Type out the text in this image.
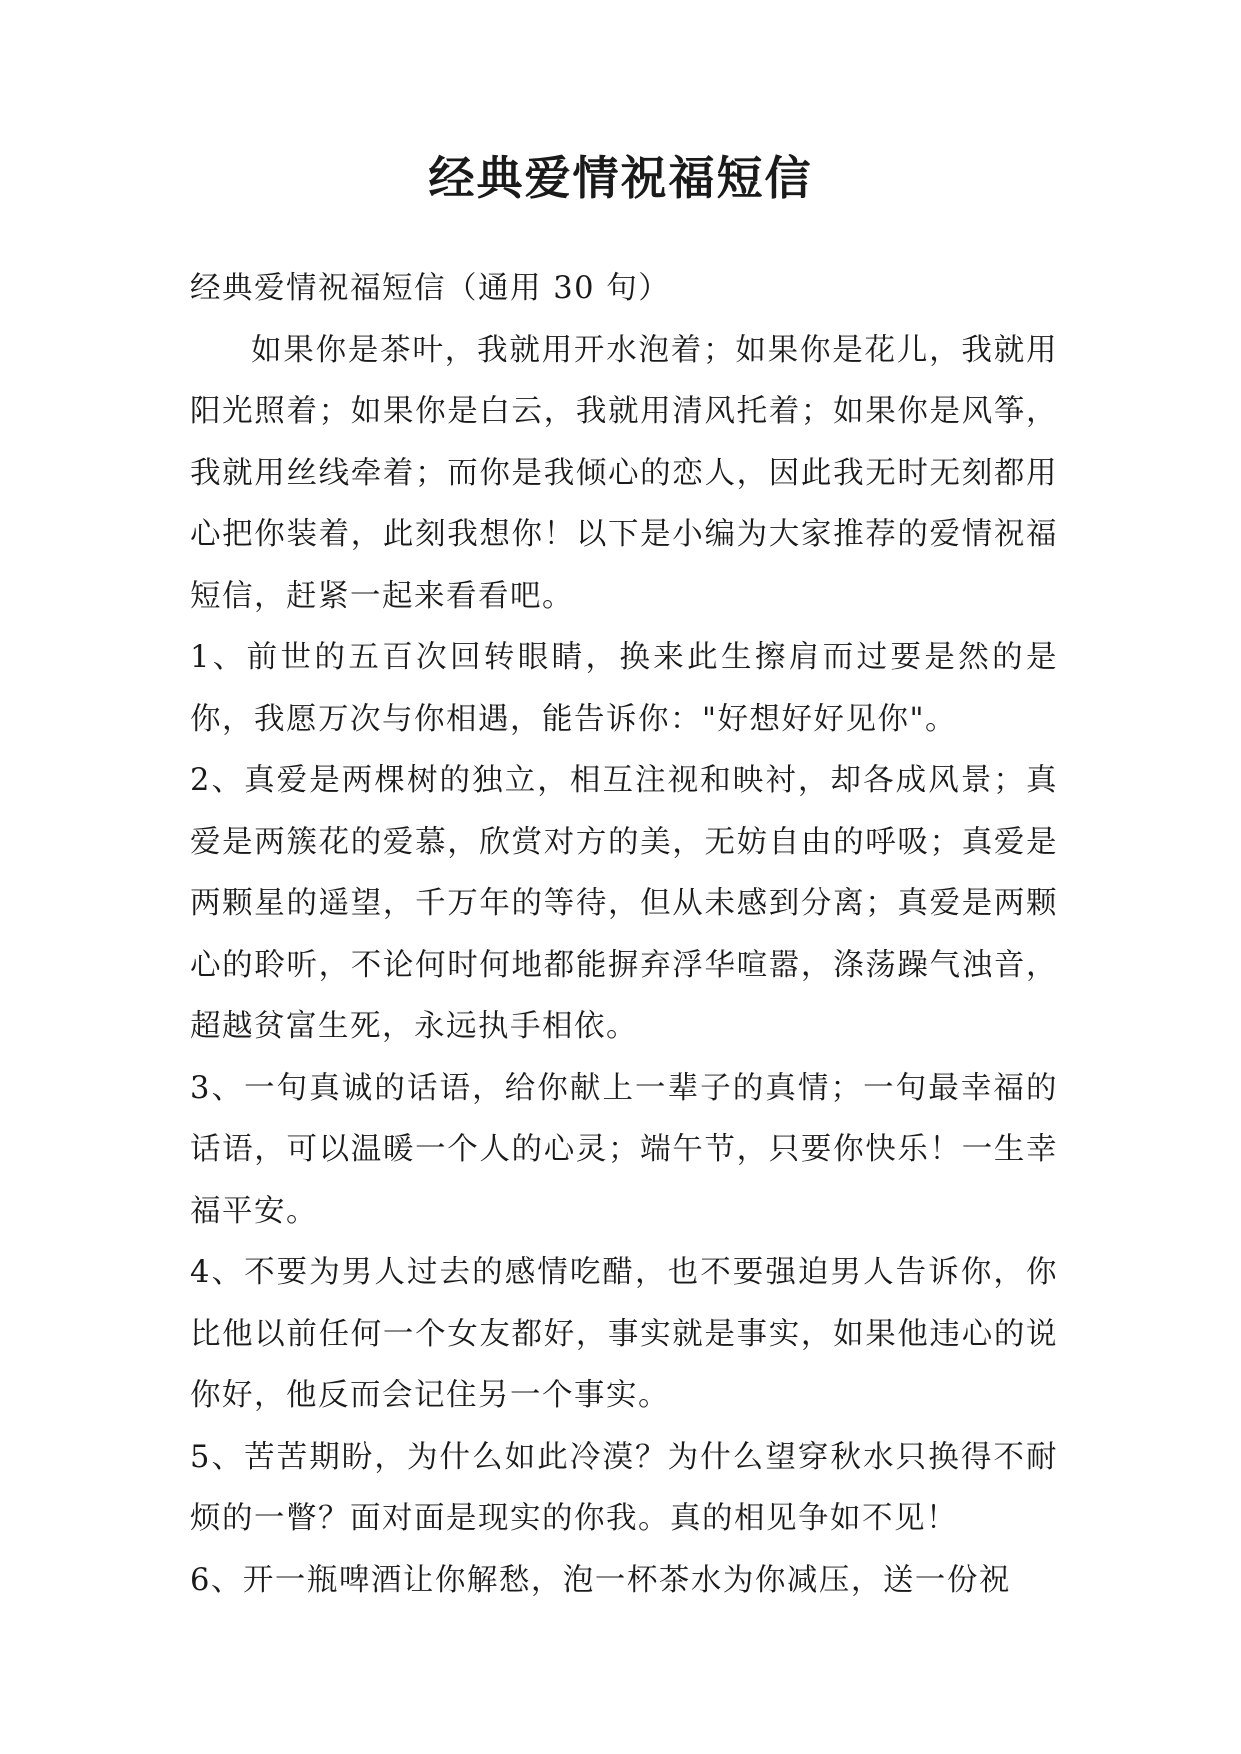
经典爱情祝福短信

经典爱情祝福短信（通用 30 句）

如果你是茶叶，我就用开水泡着；如果你是花儿，我就用阳光照着；如果你是白云，我就用清风托着；如果你是风筝，我就用丝线牵着；而你是我倾心的恋人，因此我无时无刻都用心把你装着，此刻我想你！以下是小编为大家推荐的爱情祝福短信，赶紧一起来看看吧。

1、前世的五百次回转眼睛，换来此生擦肩而过要是然的是你，我愿万次与你相遇，能告诉你："好想好好见你"。

2、真爱是两棵树的独立，相互注视和映衬，却各成风景；真爱是两簇花的爱慕，欣赏对方的美，无妨自由的呼吸；真爱是两颗星的遥望，千万年的等待，但从未感到分离；真爱是两颗心的聆听，不论何时何地都能摒弃浮华喧嚣，涤荡躁气浊音，超越贫富生死，永远执手相依。

3、一句真诚的话语，给你献上一辈子的真情；一句最幸福的话语，可以温暖一个人的心灵；端午节，只要你快乐！一生幸福平安。

4、不要为男人过去的感情吃醋，也不要强迫男人告诉你，你比他以前任何一个女友都好，事实就是事实，如果他违心的说你好，他反而会记住另一个事实。

5、苦苦期盼，为什么如此冷漠？为什么望穿秋水只换得不耐烦的一瞥？面对面是现实的你我。真的相见争如不见！

6、开一瓶啤酒让你解愁，泡一杯茶水为你减压，送一份祝
